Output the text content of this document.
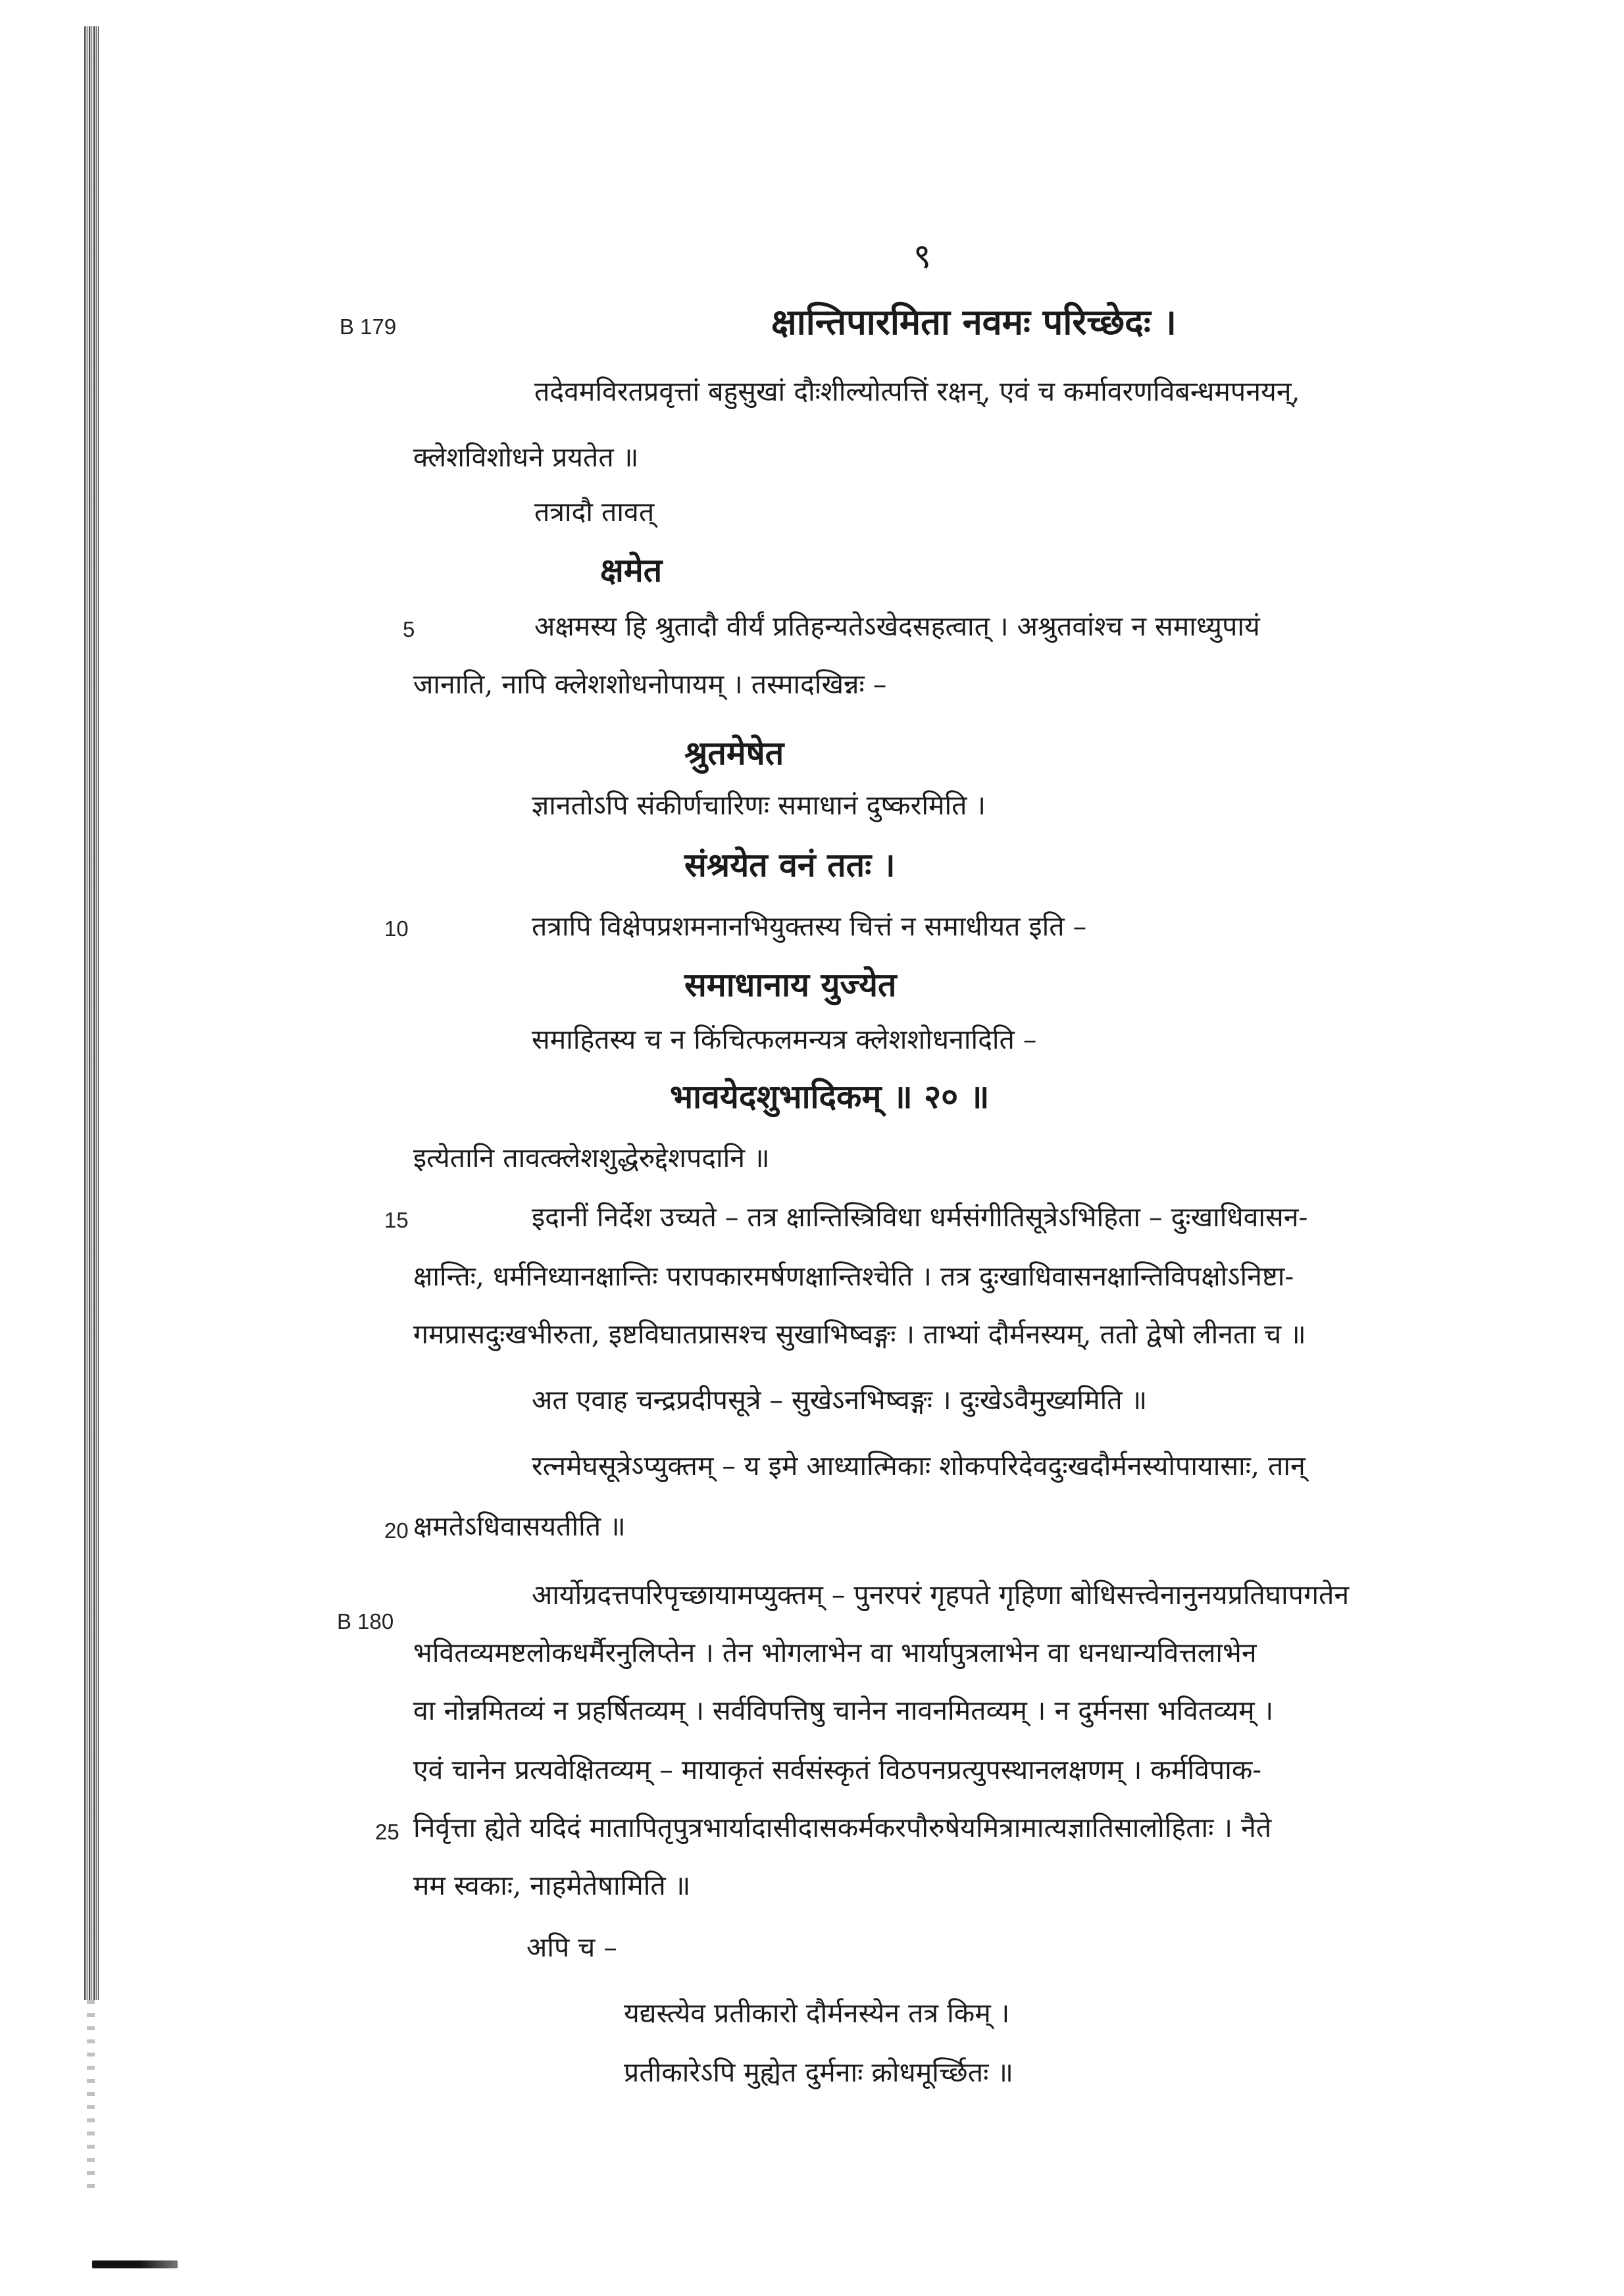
९
B 179	क्षान्तिपारमिता नवमः परिच्छेदः ।
तदेवमविरतप्रवृत्तां बहुसुखां दौःशील्योत्पत्तिं रक्षन्, एवं च कर्मावरणविबन्धमपनयन्,
क्लेशविशोधने प्रयतेत ॥
तत्रादौ तावत्
क्षमेत
5	अक्षमस्य हि श्रुतादौ वीर्यं प्रतिहन्यतेऽखेदसहत्वात् । अश्रुतवांश्च न समाध्युपायं
जानाति, नापि क्लेशशोधनोपायम् । तस्मादखिन्नः –
श्रुतमेषेत
ज्ञानतोऽपि संकीर्णचारिणः समाधानं दुष्करमिति ।
संश्रयेत वनं ततः ।
10	तत्रापि विक्षेपप्रशमनानभियुक्तस्य चित्तं न समाधीयत इति –
समाधानाय युज्येत
समाहितस्य च न किंचित्फलमन्यत्र क्लेशशोधनादिति –
भावयेदशुभादिकम् ॥ २० ॥
इत्येतानि तावत्क्लेशशुद्धेरुद्देशपदानि ॥
15	इदानीं निर्देश उच्यते – तत्र क्षान्तिस्त्रिविधा धर्मसंगीतिसूत्रेऽभिहिता – दुःखाधिवासन-
क्षान्तिः, धर्मनिध्यानक्षान्तिः परापकारमर्षणक्षान्तिश्चेति । तत्र दुःखाधिवासनक्षान्तिविपक्षोऽनिष्टा-
गमप्रासदुःखभीरुता, इष्टविघातप्रासश्च सुखाभिष्वङ्गः । ताभ्यां दौर्मनस्यम्, ततो द्वेषो लीनता च ॥
अत एवाह चन्द्रप्रदीपसूत्रे – सुखेऽनभिष्वङ्गः । दुःखेऽवैमुख्यमिति ॥
रत्नमेघसूत्रेऽप्युक्तम् – य इमे आध्यात्मिकाः शोकपरिदेवदुःखदौर्मनस्योपायासाः, तान्
20 क्षमतेऽधिवासयतीति ॥
B 180
आर्योग्रदत्तपरिपृच्छायामप्युक्तम् – पुनरपरं गृहपते गृहिणा बोधिसत्त्वेनानुनयप्रतिघापगतेन
भवितव्यमष्टलोकधर्मैरनुलिप्तेन । तेन भोगलाभेन वा भार्यापुत्रलाभेन वा धनधान्यवित्तलाभेन
वा नोन्नमितव्यं न प्रहर्षितव्यम् । सर्वविपत्तिषु चानेन नावनमितव्यम् । न दुर्मनसा भवितव्यम् ।
एवं चानेन प्रत्यवेक्षितव्यम् – मायाकृतं सर्वसंस्कृतं विठपनप्रत्युपस्थानलक्षणम् । कर्मविपाक-
25 निर्वृत्ता ह्येते यदिदं मातापितृपुत्रभार्यादासीदासकर्मकरपौरुषेयमित्रामात्यज्ञातिसालोहिताः । नैते
मम स्वकाः, नाहमेतेषामिति ॥
अपि च –
यद्यस्त्येव प्रतीकारो दौर्मनस्येन तत्र किम् ।
प्रतीकारेऽपि मुह्येत दुर्मनाः क्रोधमूर्च्छितः ॥
